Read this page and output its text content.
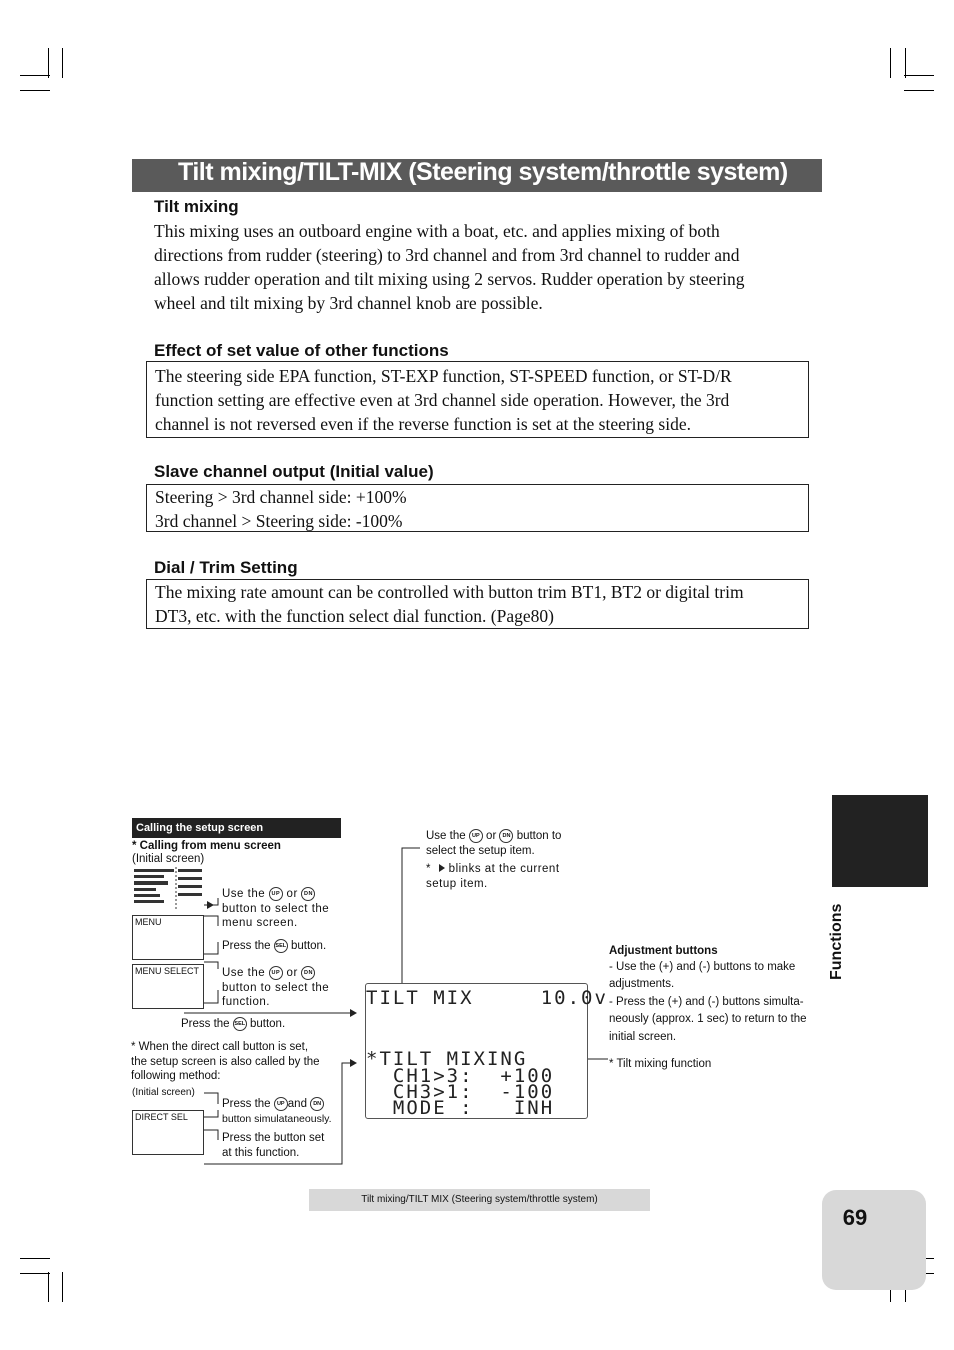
Tilt mixing/TILT-MIX (Steering system/throttle system)
Tilt mixing
This mixing uses an outboard engine with a boat, etc. and applies mixing of both
directions from rudder (steering) to 3rd channel and from 3rd channel to rudder and
allows rudder operation and tilt mixing using 2 servos. Rudder operation by steering
wheel and tilt mixing by 3rd channel knob are possible.
Effect of set value of other functions
The steering side EPA function, ST-EXP function, ST-SPEED function, or ST-D/R
function setting are effective even at 3rd channel side operation. However, the 3rd
channel is not reversed even if the reverse function is set at the steering side.
Slave channel output (Initial value)
Steering > 3rd channel side: +100%
3rd channel > Steering side: -100%
Dial / Trim Setting
The mixing rate amount can be controlled with button trim BT1, BT2 or digital trim
DT3, etc. with the function select dial function. (Page80)
Functions
Calling the setup screen
* Calling from menu screen
(Initial screen)
MENU
MENU SELECT
DIRECT SEL
Use the UP or DN
button to select the
menu screen.
Press the SEL button.
Use the UP or DN
button to select the
function.
Press the SEL button.
* When the direct call button is set,
the setup screen is also called by the
following method:
(Initial screen)
Press the UP and DN
button simulataneously.
Press the button set
at this function.
Use the UP or DN button to
select the setup item.
* blinks at the current
setup item.
TILT MIX     10.0v
*TILT MIXING
CH1>3:  +100
CH3>1:  -100
MODE :   INH
Adjustment buttons
- Use the (+) and (-) buttons to make
adjustments.
- Press the (+) and (-) buttons simulta-
neously (approx. 1 sec) to return to the
initial screen.
* Tilt mixing function
Tilt mixing/TILT MIX (Steering system/throttle system)
69
